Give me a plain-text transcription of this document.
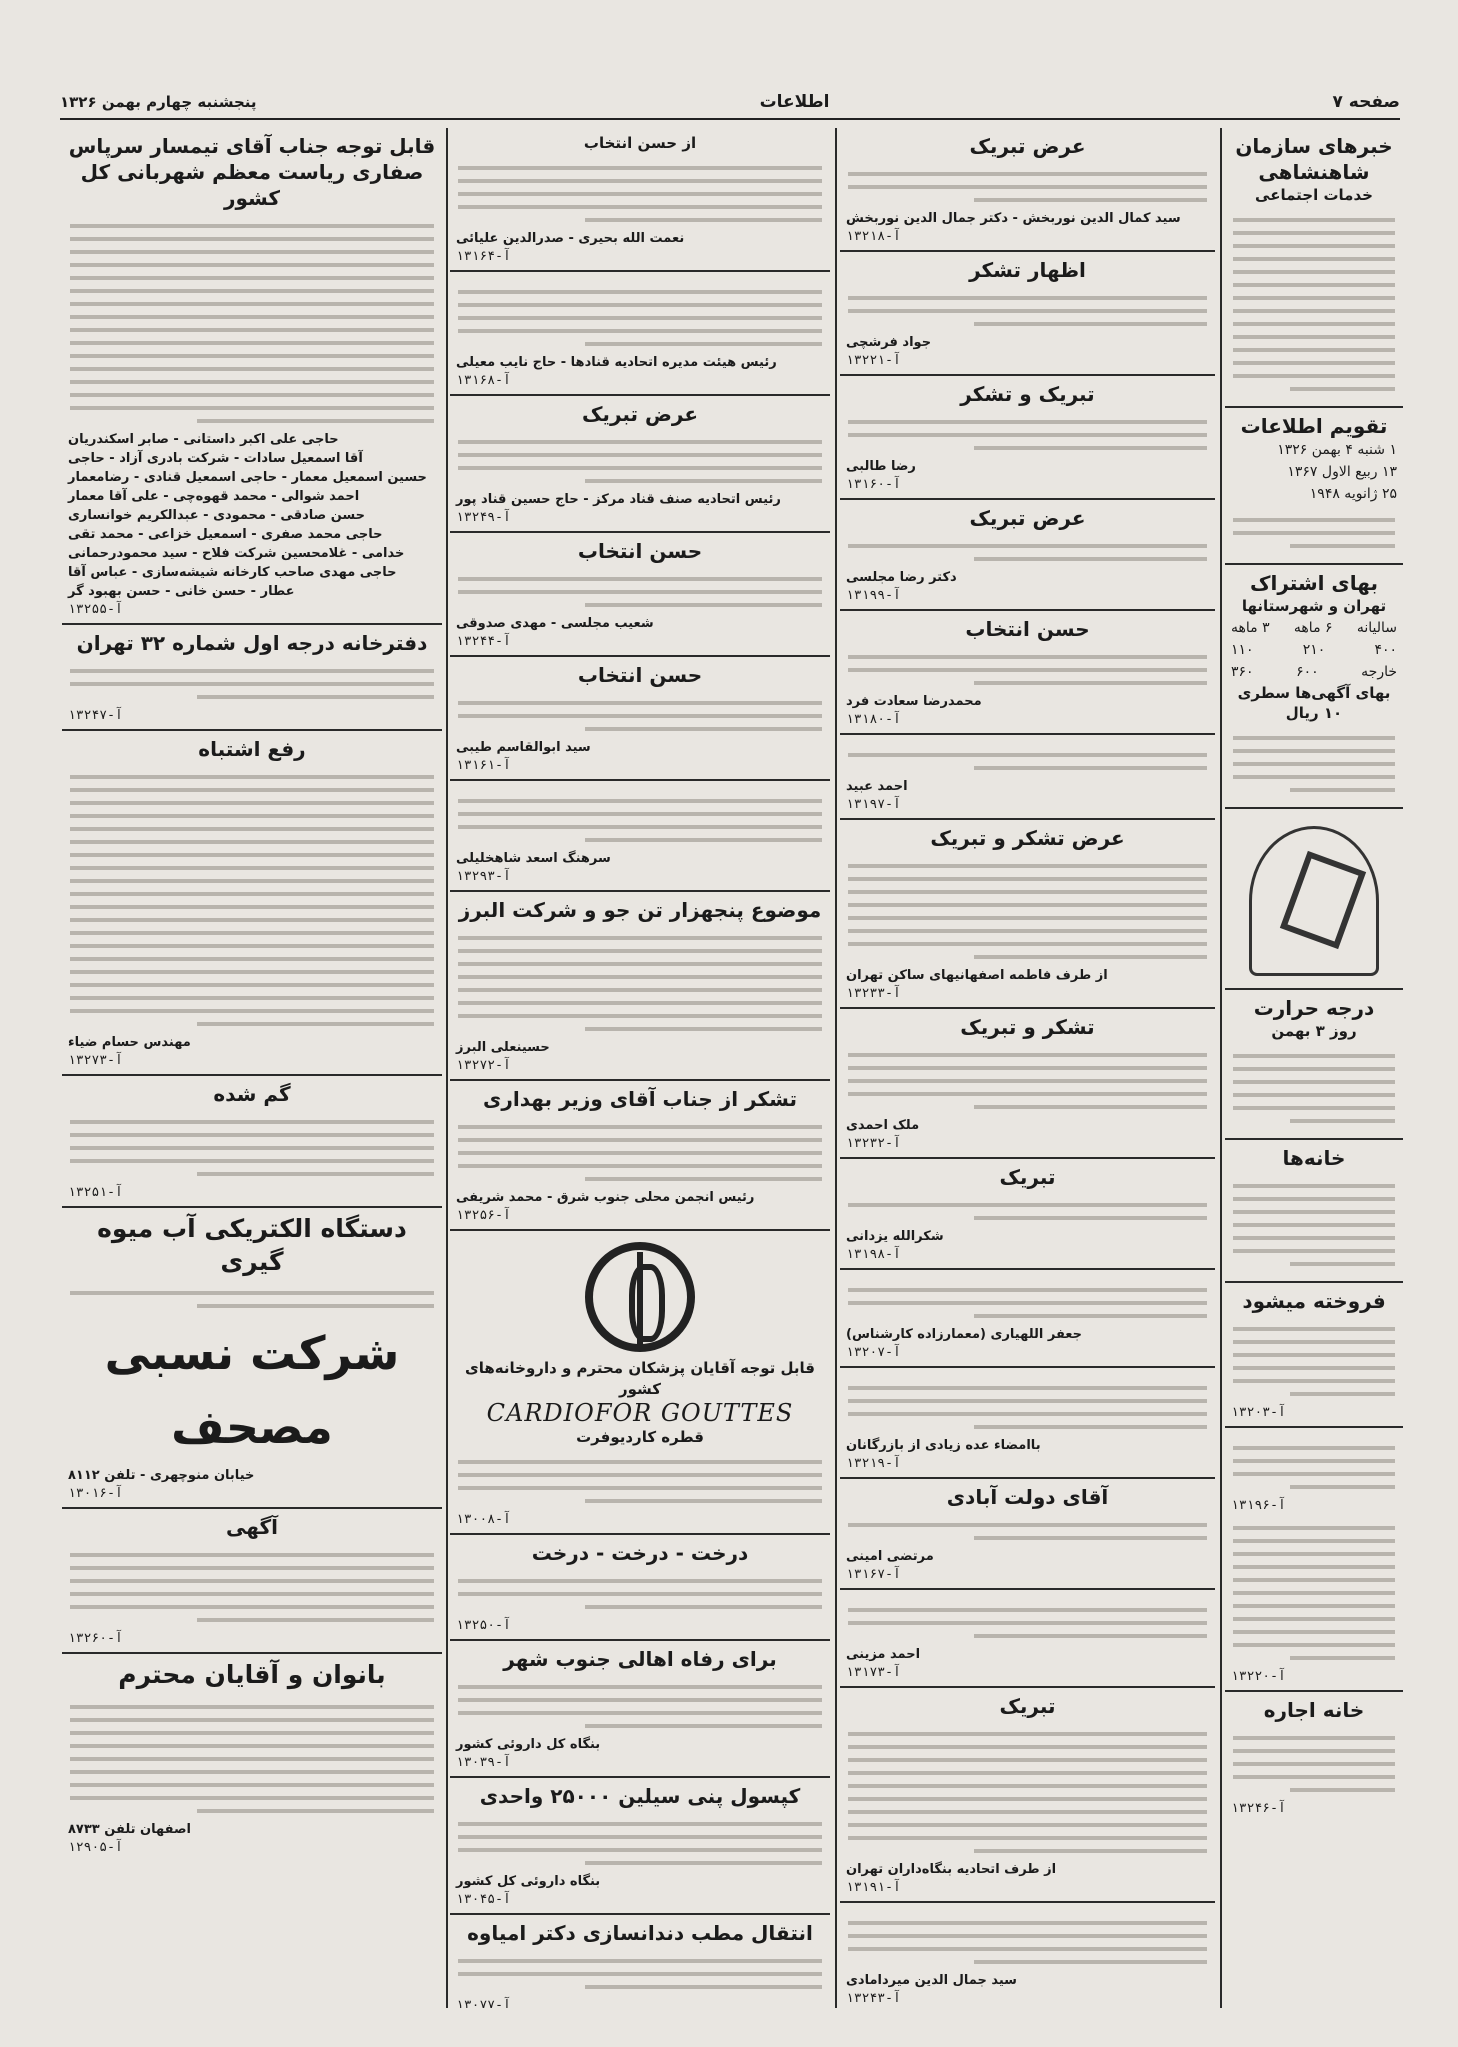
صفحه ۷
اطلاعات
پنجشنبه چهارم بهمن ۱۳۲۶
خبرهای سازمان شاهنشاهی
خدمات اجتماعی
تقویم اطلاعات
۱ شنبه ۴ بهمن ۱۳۲۶
۱۳ ربیع الاول ۱۳۶۷
۲۵ ژانویه ۱۹۴۸
بهای اشتراک
تهران و شهرستانها
سالیانه
۶ ماهه
۳ ماهه
۴۰۰
۲۱۰
۱۱۰
خارجه
۶۰۰
۳۶۰
بهای آگهی‌ها سطری ۱۰ ریال
درجه حرارت
روز ۳ بهمن
خانه‌ها
فروخته میشود
آ-۱۳۲۰۳
آ-۱۳۱۹۶
آ-۱۳۲۲۰
خانه اجاره
آ-۱۳۲۴۶
عرض تبریک
سید کمال الدین نوربخش - دکتر جمال الدین نوربخش
آ-۱۳۲۱۸
اظهار تشکر
جواد فرشچی
آ-۱۳۲۲۱
تبریک و تشکر
رضا طالبی
آ-۱۳۱۶۰
عرض تبریک
دکتر رضا مجلسی
آ-۱۳۱۹۹
حسن انتخاب
محمدرضا سعادت فرد
آ-۱۳۱۸۰
احمد عبید
آ-۱۳۱۹۷
عرض تشکر و تبریک
از طرف فاطمه اصفهانیهای ساکن تهران
آ-۱۳۲۳۳
تشکر و تبریک
ملک احمدی
آ-۱۳۲۳۲
تبریک
شکرالله یزدانی
آ-۱۳۱۹۸
جعفر اللهیاری (معمارزاده کارشناس)
آ-۱۳۲۰۷
باامضاء عده زیادی از بازرگانان
آ-۱۳۲۱۹
آقای دولت آبادی
مرتضی امینی
آ-۱۳۱۶۷
احمد مزینی
آ-۱۳۱۷۳
تبریک
از طرف اتحادیه بنگاه‌داران تهران
آ-۱۳۱۹۱
سید جمال الدین میردامادی
آ-۱۳۲۴۳
از حسن انتخاب
نعمت الله بحیری - صدرالدین علیائی
آ-۱۳۱۶۴
رئیس هیئت مدیره اتحادیه قنادها - حاج نایب معیلی
آ-۱۳۱۶۸
عرض تبریک
رئیس اتحادیه صنف قناد مرکز - حاج حسین قناد پور
آ-۱۳۲۴۹
حسن انتخاب
شعیب مجلسی - مهدی صدوقی
آ-۱۳۲۴۴
حسن انتخاب
سید ابوالقاسم طیبی
آ-۱۳۱۶۱
سرهنگ اسعد شاهخلیلی
آ-۱۳۲۹۳
موضوع پنجهزار تن جو و شرکت البرز
حسینعلی البرز
آ-۱۳۲۷۲
تشکر از جناب آقای وزیر بهداری
رئیس انجمن محلی جنوب شرق - محمد شریفی
آ-۱۳۲۵۶
قابل توجه آقایان پزشکان محترم و داروخانه‌های کشور
CARDIOFOR GOUTTES
قطره کاردیوفرت
آ-۱۳۰۰۸
درخت - درخت - درخت
آ-۱۳۲۵۰
برای رفاه اهالی جنوب شهر
بنگاه کل داروئی کشور
آ-۱۳۰۳۹
کپسول پنی سیلین ۲۵۰۰۰ واحدی
بنگاه داروئی کل کشور
آ-۱۳۰۴۵
انتقال مطب دندانسازی دکتر امیاوه
آ-۱۳۰۷۷
قابل توجه جناب آقای تیمسار سرپاس صفاری ریاست معظم شهربانی کل کشور
حاجی علی اکبر داستانی - صابر اسکندریان
آقا اسمعیل سادات - شرکت بادری آزاد - حاجی
حسین اسمعیل معمار - حاجی اسمعیل قنادی - رضامعمار
احمد شوالی - محمد قهوه‌چی - علی آقا معمار
حسن صادقی - محمودی - عبدالکریم خوانساری
حاجی محمد صفری - اسمعیل خزاعی - محمد تقی
خدامی - غلامحسین شرکت فلاح - سید محمودرحمانی
حاجی مهدی صاحب کارخانه شیشه‌سازی - عباس آقا
عطار - حسن خانی - حسن بهبود گر
آ-۱۳۲۵۵
دفترخانه درجه اول شماره ۳۲ تهران
آ-۱۳۲۴۷
رفع اشتباه
مهندس حسام ضیاء
آ-۱۳۲۷۳
گم شده
آ-۱۳۲۵۱
دستگاه الکتریکی آب میوه گیری
شرکت نسبی مصحف
خیابان منوچهری - تلفن ۸۱۱۲
آ-۱۳۰۱۶
آگهی
آ-۱۳۲۶۰
بانوان و آقایان محترم
اصفهان تلفن ۸۷۳۳
آ-۱۲۹۰۵
